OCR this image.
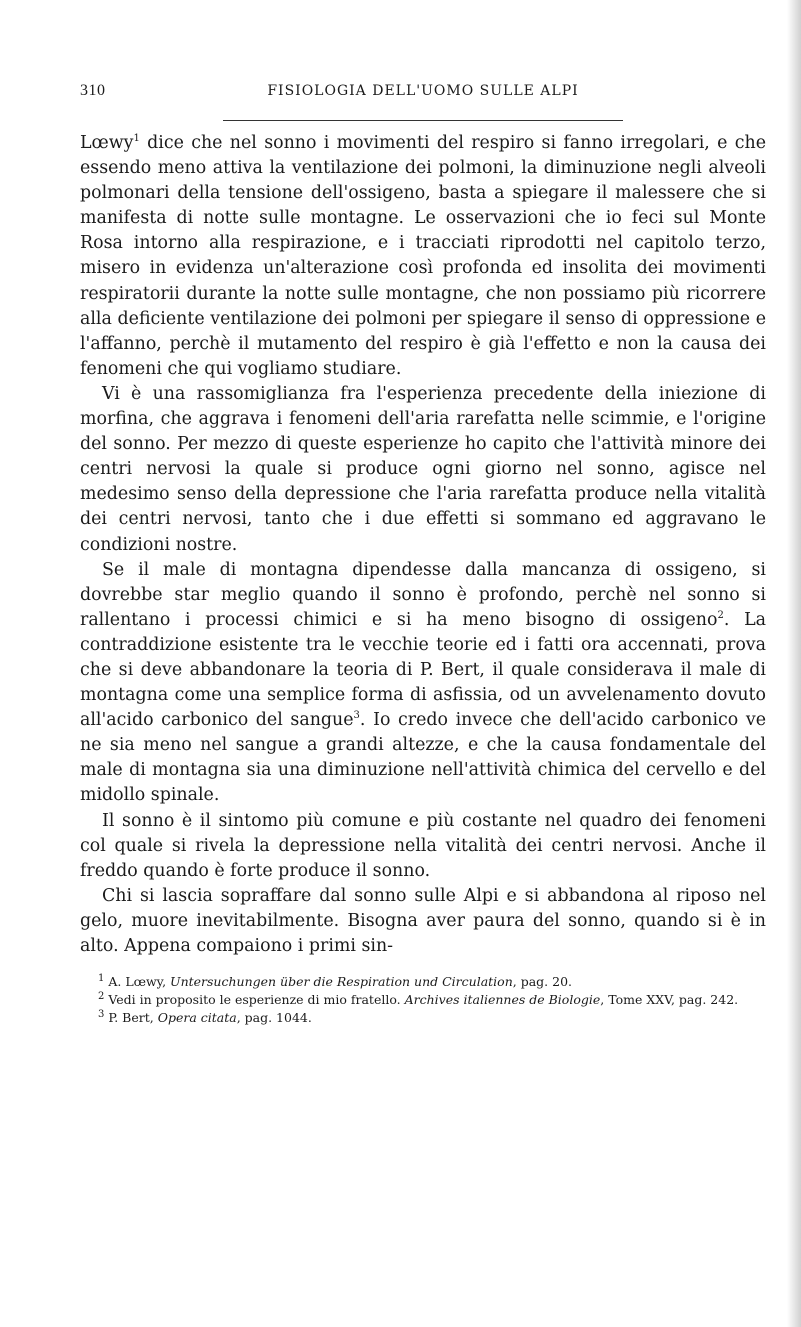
310	FISIOLOGIA DELL'UOMO SULLE ALPI

Lœwy$^1$ dice che nel sonno i movimenti del respiro si fanno irregolari, e che essendo meno attiva la ventilazione dei polmoni, la diminuzione negli alveoli polmonari della tensione dell'ossigeno, basta a spiegare il malessere che si manifesta di notte sulle montagne. Le osservazioni che io feci sul Monte Rosa intorno alla respirazione, e i tracciati riprodotti nel capitolo terzo, misero in evidenza un'alterazione così profonda ed insolita dei movimenti respiratorii durante la notte sulle montagne, che non possiamo più ricorrere alla deficiente ventilazione dei polmoni per spiegare il senso di oppressione e l'affanno, perchè il mutamento del respiro è già l'effetto e non la causa dei fenomeni che qui vogliamo studiare.

Vi è una rassomiglianza fra l'esperienza precedente della iniezione di morfina, che aggrava i fenomeni dell'aria rarefatta nelle scimmie, e l'origine del sonno. Per mezzo di queste esperienze ho capito che l'attività minore dei centri nervosi la quale si produce ogni giorno nel sonno, agisce nel medesimo senso della depressione che l'aria rarefatta produce nella vitalità dei centri nervosi, tanto che i due effetti si sommano ed aggravano le condizioni nostre.

Se il male di montagna dipendesse dalla mancanza di ossigeno, si dovrebbe star meglio quando il sonno è profondo, perchè nel sonno si rallentano i processi chimici e si ha meno bisogno di ossigeno$^2$. La contraddizione esistente tra le vecchie teorie ed i fatti ora accennati, prova che si deve abbandonare la teoria di P. Bert, il quale considerava il male di montagna come una semplice forma di asfissia, od un avvelenamento dovuto all'acido carbonico del sangue$^3$. Io credo invece che dell'acido carbonico ve ne sia meno nel sangue a grandi altezze, e che la causa fondamentale del male di montagna sia una diminuzione nell'attività chimica del cervello e del midollo spinale.

Il sonno è il sintomo più comune e più costante nel quadro dei fenomeni col quale si rivela la depressione nella vitalità dei centri nervosi. Anche il freddo quando è forte produce il sonno.

Chi si lascia sopraffare dal sonno sulle Alpi e si abbandona al riposo nel gelo, muore inevitabilmente. Bisogna aver paura del sonno, quando si è in alto. Appena compaiono i primi sin-

$^1$ A. Lœwy, Untersuchungen über die Respiration und Circulation, pag. 20.
$^2$ Vedi in proposito le esperienze di mio fratello. Archives italiennes de Biologie, Tome XXV, pag. 242.
$^3$ P. Bert, Opera citata, pag. 1044.
